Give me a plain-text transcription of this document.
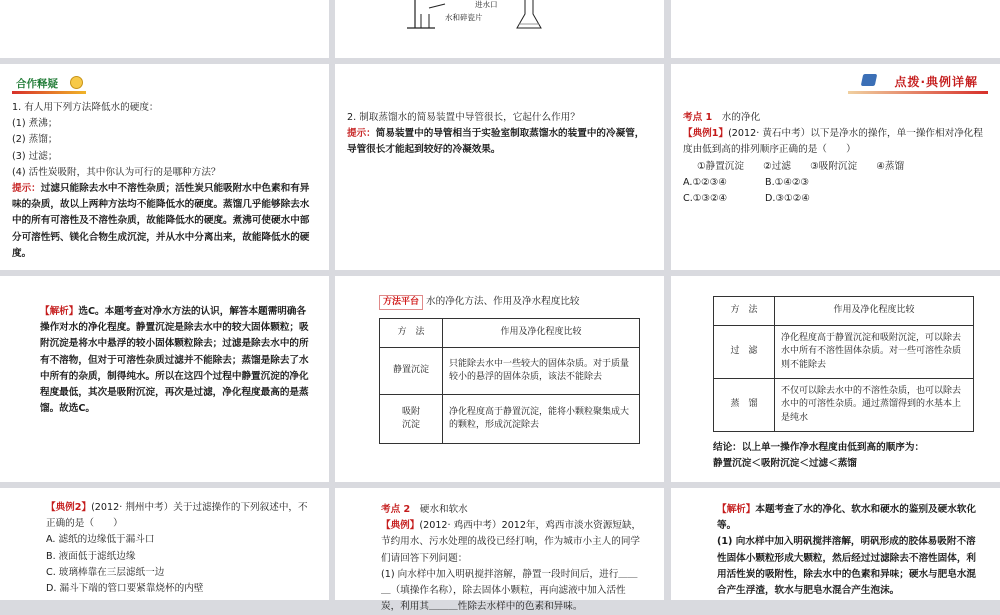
进水口
水和碎瓷片
合作释疑

1. 有人用下列方法降低水的硬度：

(1) 煮沸；

(2) 蒸馏；

(3) 过滤；

(4) 活性炭吸附，其中你认为可行的是哪种方法？

提示：过滤只能除去水中不溶性杂质；活性炭只能吸附水中色素和有异味的杂质，故以上两种方法均不能降低水的硬度。蒸馏几乎能够除去水中的所有可溶性及不溶性杂质，故能降低水的硬度。煮沸可使硬水中部分可溶性钙、镁化合物生成沉淀，并从水中分离出来，故能降低水的硬度。

2. 制取蒸馏水的简易装置中导管很长，它起什么作用？

提示：简易装置中的导管相当于实验室制取蒸馏水的装置中的冷凝管，导管很长才能起到较好的冷凝效果。

点拨·典例详解

考点 1　 水的净化

【典例1】(2012· 黄石中考）以下是净水的操作，单一操作相对净化程度由低到高的排列顺序正确的是（　　）

①静置沉淀　　②过滤　　③吸附沉淀　　④蒸馏

A.①②③④	B.①④②③

C.①③②④	D.③①②④

【解析】选C。本题考查对净水方法的认识，解答本题需明确各操作对水的净化程度。静置沉淀是除去水中的较大固体颗粒；吸附沉淀是将水中悬浮的较小固体颗粒除去；过滤是除去水中的所有不溶物，但对于可溶性杂质过滤并不能除去；蒸馏是除去了水中所有的杂质，制得纯水。所以在这四个过程中静置沉淀的净化程度最低，其次是吸附沉淀，再次是过滤，净化程度最高的是蒸馏。故选C。

方法平台 水的净化方法、作用及净水程度比较

方　法	作用及净化程度比较
静置沉淀	只能除去水中一些较大的固体杂质。对于质量较小的悬浮的固体杂质，该法不能除去
吸附
沉淀	净化程度高于静置沉淀，能将小颗粒聚集成大的颗粒，形成沉淀除去
方　法	作用及净化程度比较
过　滤	净化程度高于静置沉淀和吸附沉淀，可以除去水中所有不溶性固体杂质。对一些可溶性杂质则不能除去
蒸　馏	不仅可以除去水中的不溶性杂质，也可以除去水中的可溶性杂质。通过蒸馏得到的水基本上是纯水

结论：以上单一操作净水程度由低到高的顺序为：

静置沉淀＜吸附沉淀＜过滤＜蒸馏

【典例2】(2012· 荆州中考）关于过滤操作的下列叙述中，不正确的是（　　）

A. 滤纸的边缘低于漏斗口

B. 液面低于滤纸边缘

C. 玻璃棒靠在三层滤纸一边

D. 漏斗下端的管口要紧靠烧杯的内壁

考点 2　 硬水和软水

【典例】(2012· 鸡西中考）2012年，鸡西市淡水资源短缺，节约用水、污水处理的战役已经打响，作为城市小主人的同学们请回答下列问题：

(1) 向水样中加入明矾搅拌溶解，静置一段时间后，进行＿＿＿（填操作名称），除去固体小颗粒，再向滤液中加入活性炭，利用其＿＿＿性除去水样中的色素和异味。

【解析】本题考查了水的净化、软水和硬水的鉴别及硬水软化等。

(1) 向水样中加入明矾搅拌溶解，明矾形成的胶体易吸附不溶性固体小颗粒形成大颗粒，然后经过过滤除去不溶性固体，利用活性炭的吸附性，除去水中的色素和异味；硬水与肥皂水混合产生浮渣，软水与肥皂水混合产生泡沫。
